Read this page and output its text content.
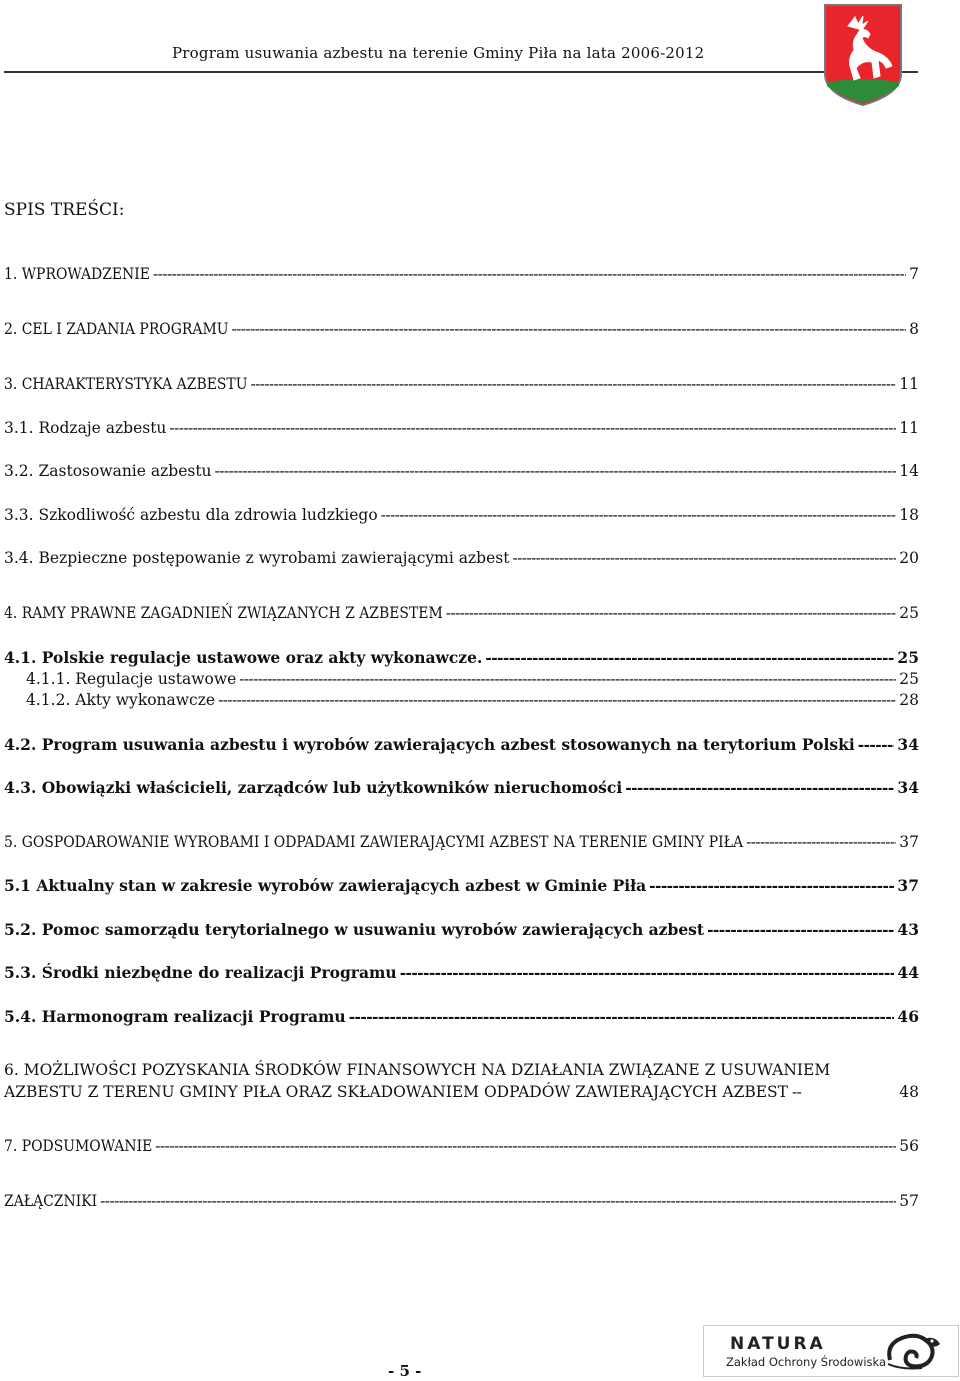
Program usuwania azbestu na terenie Gminy Piła na lata 2006-2012
SPIS TREŚCI:
1. WPROWADZENIE -----	7
2. CEL I ZADANIA PROGRAMU -----	8
3. CHARAKTERYSTYKA AZBESTU -----	11
3.1. Rodzaje azbestu -----	11
3.2. Zastosowanie azbestu -----	14
3.3. Szkodliwość azbestu dla zdrowia ludzkiego -----	18
3.4. Bezpieczne postępowanie z wyrobami zawierającymi azbest -----	20
4. RAMY PRAWNE ZAGADNIEŃ ZWIĄZANYCH Z AZBESTEM -----	25
4.1. Polskie regulacje ustawowe oraz akty wykonawcze. -----	25
4.1.1. Regulacje ustawowe -----	25
4.1.2. Akty wykonawcze -----	28
4.2. Program usuwania azbestu i wyrobów zawierających azbest stosowanych na terytorium Polski -----	34
4.3. Obowiązki właścicieli, zarządców lub użytkowników nieruchomości -----	34
5. GOSPODAROWANIE WYROBAMI I ODPADAMI ZAWIERAJĄCYMI AZBEST NA TERENIE GMINY PIŁA -----	37
5.1 Aktualny stan w zakresie wyrobów zawierających azbest w Gminie Piła -----	37
5.2. Pomoc samorządu terytorialnego w usuwaniu wyrobów zawierających azbest -----	43
5.3. Środki niezbędne do realizacji Programu -----	44
5.4. Harmonogram realizacji Programu -----	46
6. MOŻLIWOŚCI POZYSKANIA ŚRODKÓW FINANSOWYCH NA DZIAŁANIA ZWIĄZANE Z USUWANIEM
AZBESTU Z TERENU GMINY PIŁA ORAZ SKŁADOWANIEM ODPADÓW ZAWIERAJĄCYCH AZBEST --	48
7. PODSUMOWANIE -----	56
ZAŁĄCZNIKI -----	57
- 5 -
NATURA
Zakład Ochrony Środowiska
